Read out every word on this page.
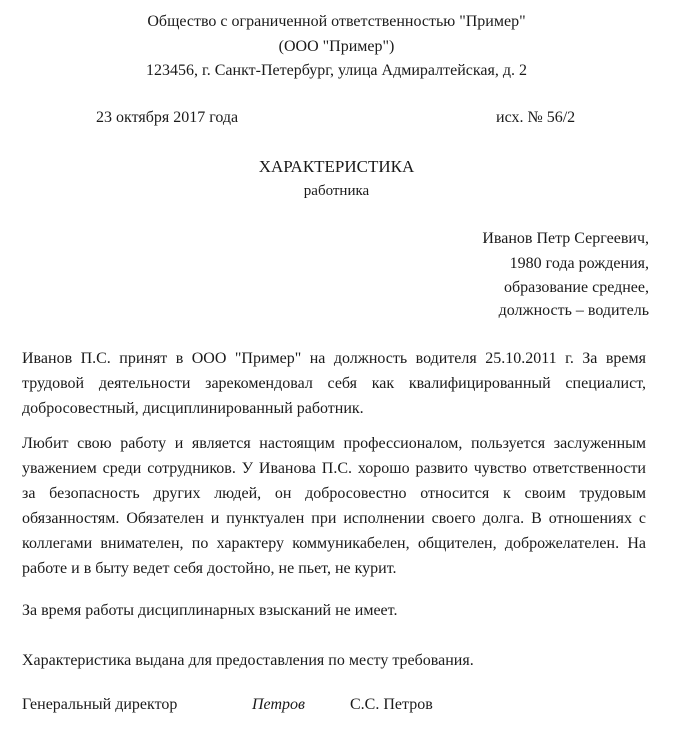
Общество с ограниченной ответственностью "Пример"
(ООО "Пример")
123456, г. Санкт-Петербург, улица Адмиралтейская, д. 2
23 октября 2017 года	исх. № 56/2
ХАРАКТЕРИСТИКА
работника
Иванов Петр Сергеевич,
1980 года рождения,
образование среднее,
должность – водитель
Иванов П.С. принят в ООО "Пример" на должность водителя 25.10.2011 г. За время трудовой деятельности зарекомендовал себя как квалифицированный специалист, добросовестный, дисциплинированный работник.
Любит свою работу и является настоящим профессионалом, пользуется заслуженным уважением среди сотрудников. У Иванова П.С. хорошо развито чувство ответственности за безопасность других людей, он добросовестно относится к своим трудовым обязанностям. Обязателен и пунктуален при исполнении своего долга. В отношениях с коллегами внимателен, по характеру коммуникабелен, общителен, доброжелателен. На работе и в быту ведет себя достойно, не пьет, не курит.
За время работы дисциплинарных взысканий не имеет.
Характеристика выдана для предоставления по месту требования.
Генеральный директор	Петров	С.С. Петров
